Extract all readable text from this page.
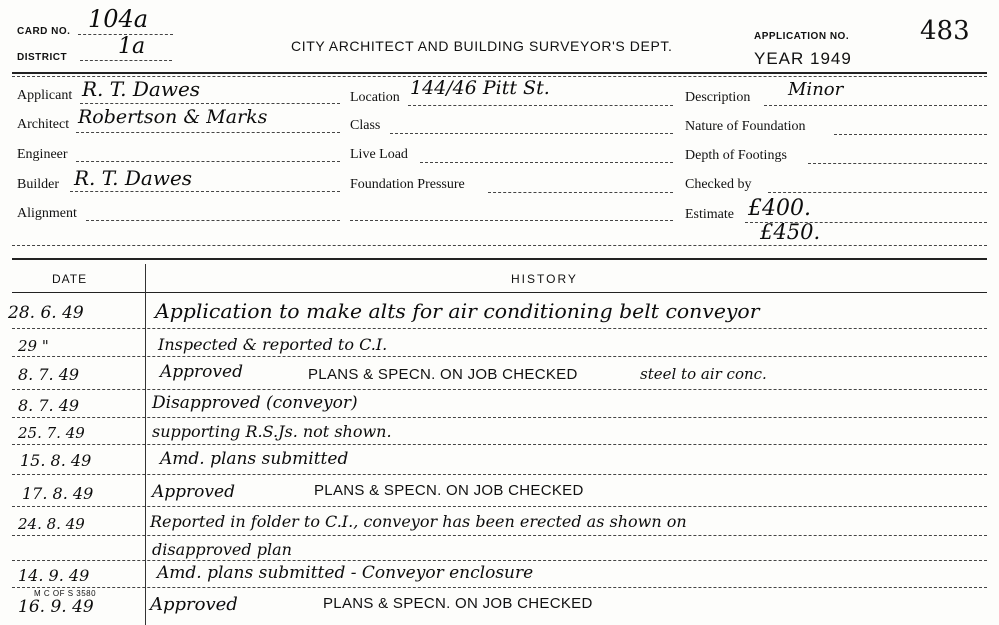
CARD NO. 104a
DISTRICT 1a	CITY ARCHITECT AND BUILDING SURVEYOR'S DEPT.
APPLICATION NO.	483
YEAR 1949
Applicant R. T. Dawes
Architect Robertson & Marks
Engineer
Builder R. T. Dawes
Alignment
Location 144/46 Pitt St.
Class
Live Load
Foundation Pressure
Description Minor
Nature of Foundation
Depth of Footings
Checked by
Estimate £400.
£450.
DATE	HISTORY
28. 6. 49	Application to make alts for air conditioning belt conveyor
29 "	Inspected & reported to C.I.
8. 7. 49	Approved	PLANS & SPECN. ON JOB CHECKED	steel to air conc.
8. 7. 49	Disapproved (conveyor)
25. 7. 49	supporting R.S.Js. not shown.
15. 8. 49	Amd. plans submitted
17. 8. 49	Approved	PLANS & SPECN. ON JOB CHECKED
24. 8. 49	Reported in folder to C.I., conveyor has been erected as shown on
disapproved plan
14. 9. 49	Amd. plans submitted - Conveyor enclosure
M C OF S 3580
16. 9. 49	Approved	PLANS & SPECN. ON JOB CHECKED
